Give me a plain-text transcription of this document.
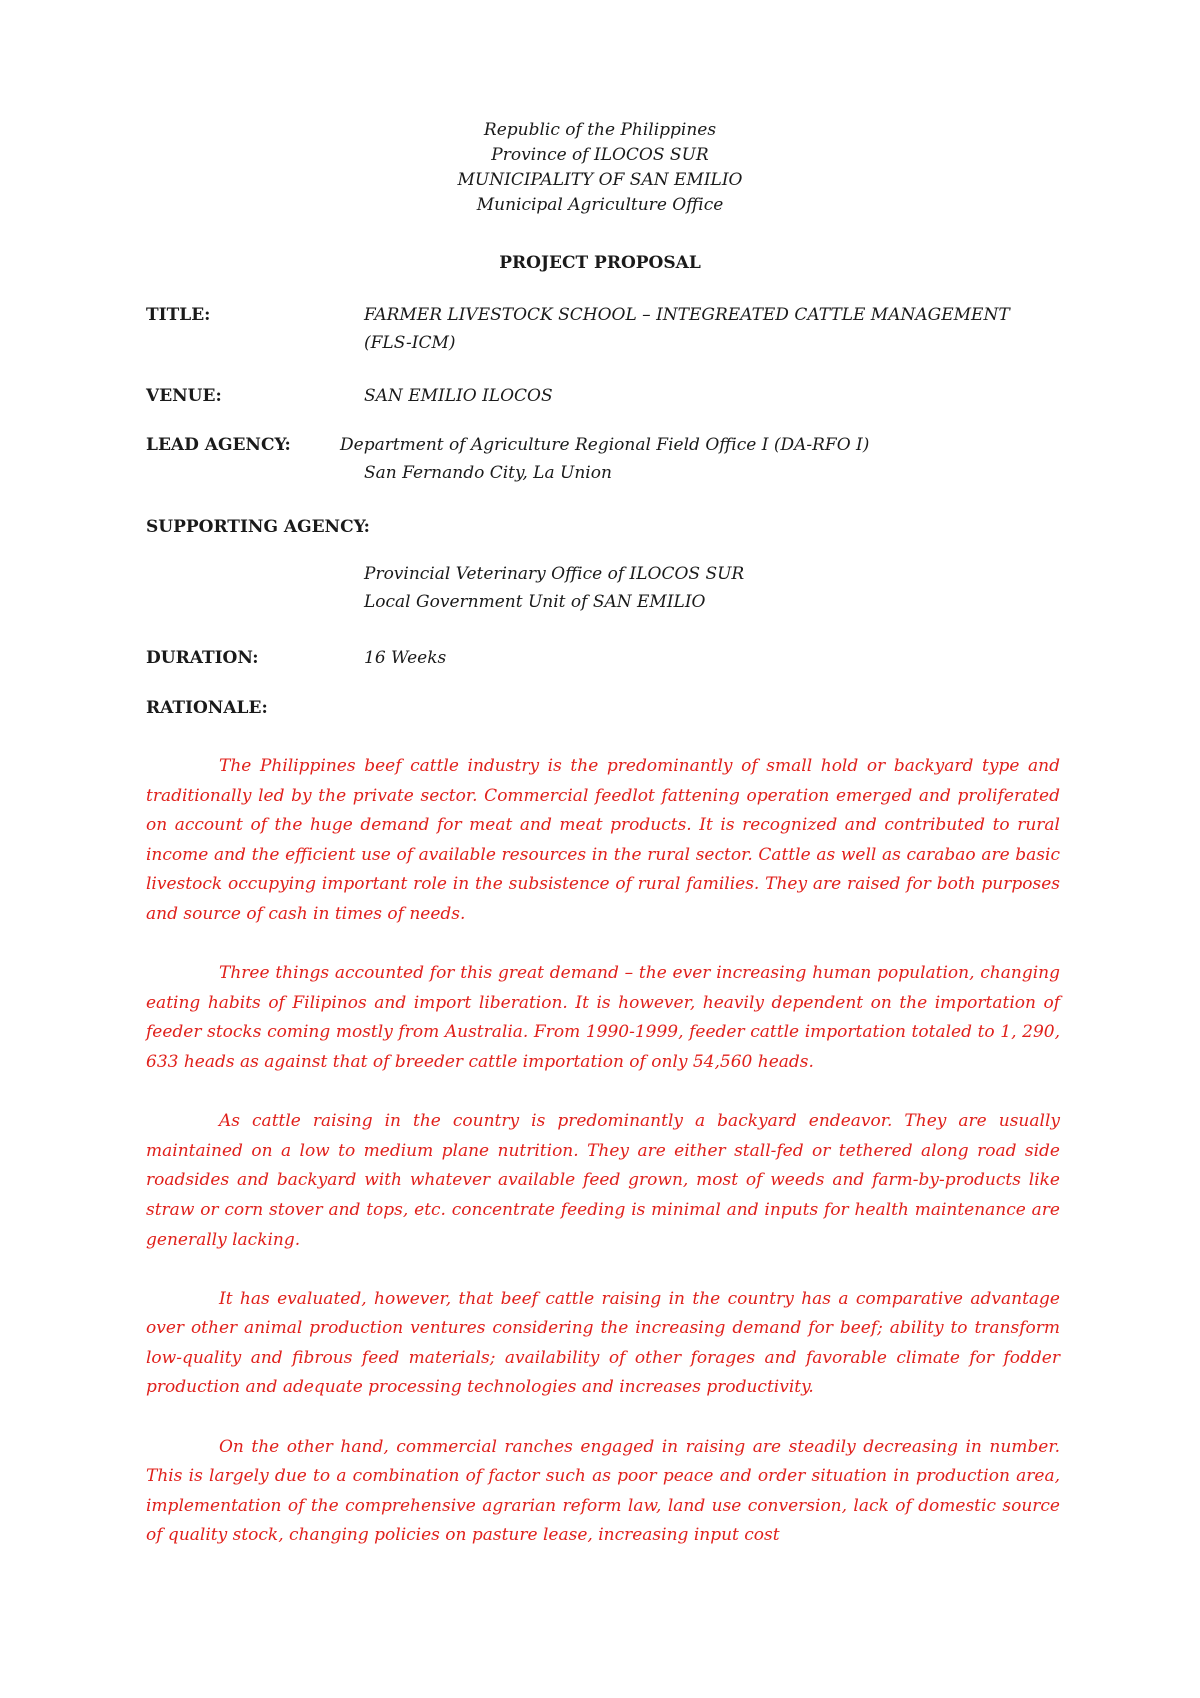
Republic of the Philippines
Province of ILOCOS SUR
MUNICIPALITY OF SAN EMILIO
Municipal Agriculture Office
PROJECT PROPOSAL
TITLE:	FARMER LIVESTOCK SCHOOL – INTEGREATED CATTLE MANAGEMENT
(FLS-ICM)
VENUE:	SAN EMILIO ILOCOS
LEAD AGENCY:	Department of Agriculture Regional Field Office I (DA-RFO I)
San Fernando City, La Union
SUPPORTING AGENCY:
Provincial Veterinary Office of ILOCOS SUR
Local Government Unit of SAN EMILIO
DURATION:	16 Weeks
RATIONALE:

The Philippines beef cattle industry is the predominantly of small hold or backyard type and traditionally led by the private sector. Commercial feedlot fattening operation emerged and proliferated on account of the huge demand for meat and meat products. It is recognized and contributed to rural income and the efficient use of available resources in the rural sector. Cattle as well as carabao are basic livestock occupying important role in the subsistence of rural families. They are raised for both purposes and source of cash in times of needs.

Three things accounted for this great demand – the ever increasing human population, changing eating habits of Filipinos and import liberation. It is however, heavily dependent on the importation of feeder stocks coming mostly from Australia. From 1990-1999, feeder cattle importation totaled to 1, 290, 633 heads as against that of breeder cattle importation of only 54,560 heads.

As cattle raising in the country is predominantly a backyard endeavor. They are usually maintained on a low to medium plane nutrition. They are either stall-fed or tethered along road side roadsides and backyard with whatever available feed grown, most of weeds and farm-by-products like straw or corn stover and tops, etc. concentrate feeding is minimal and inputs for health maintenance are generally lacking.

It has evaluated, however, that beef cattle raising in the country has a comparative advantage over other animal production ventures considering the increasing demand for beef; ability to transform low-quality and fibrous feed materials; availability of other forages and favorable climate for fodder production and adequate processing technologies and increases productivity.

On the other hand, commercial ranches engaged in raising are steadily decreasing in number. This is largely due to a combination of factor such as poor peace and order situation in production area, implementation of the comprehensive agrarian reform law, land use conversion, lack of domestic source of quality stock, changing policies on pasture lease, increasing input cost
